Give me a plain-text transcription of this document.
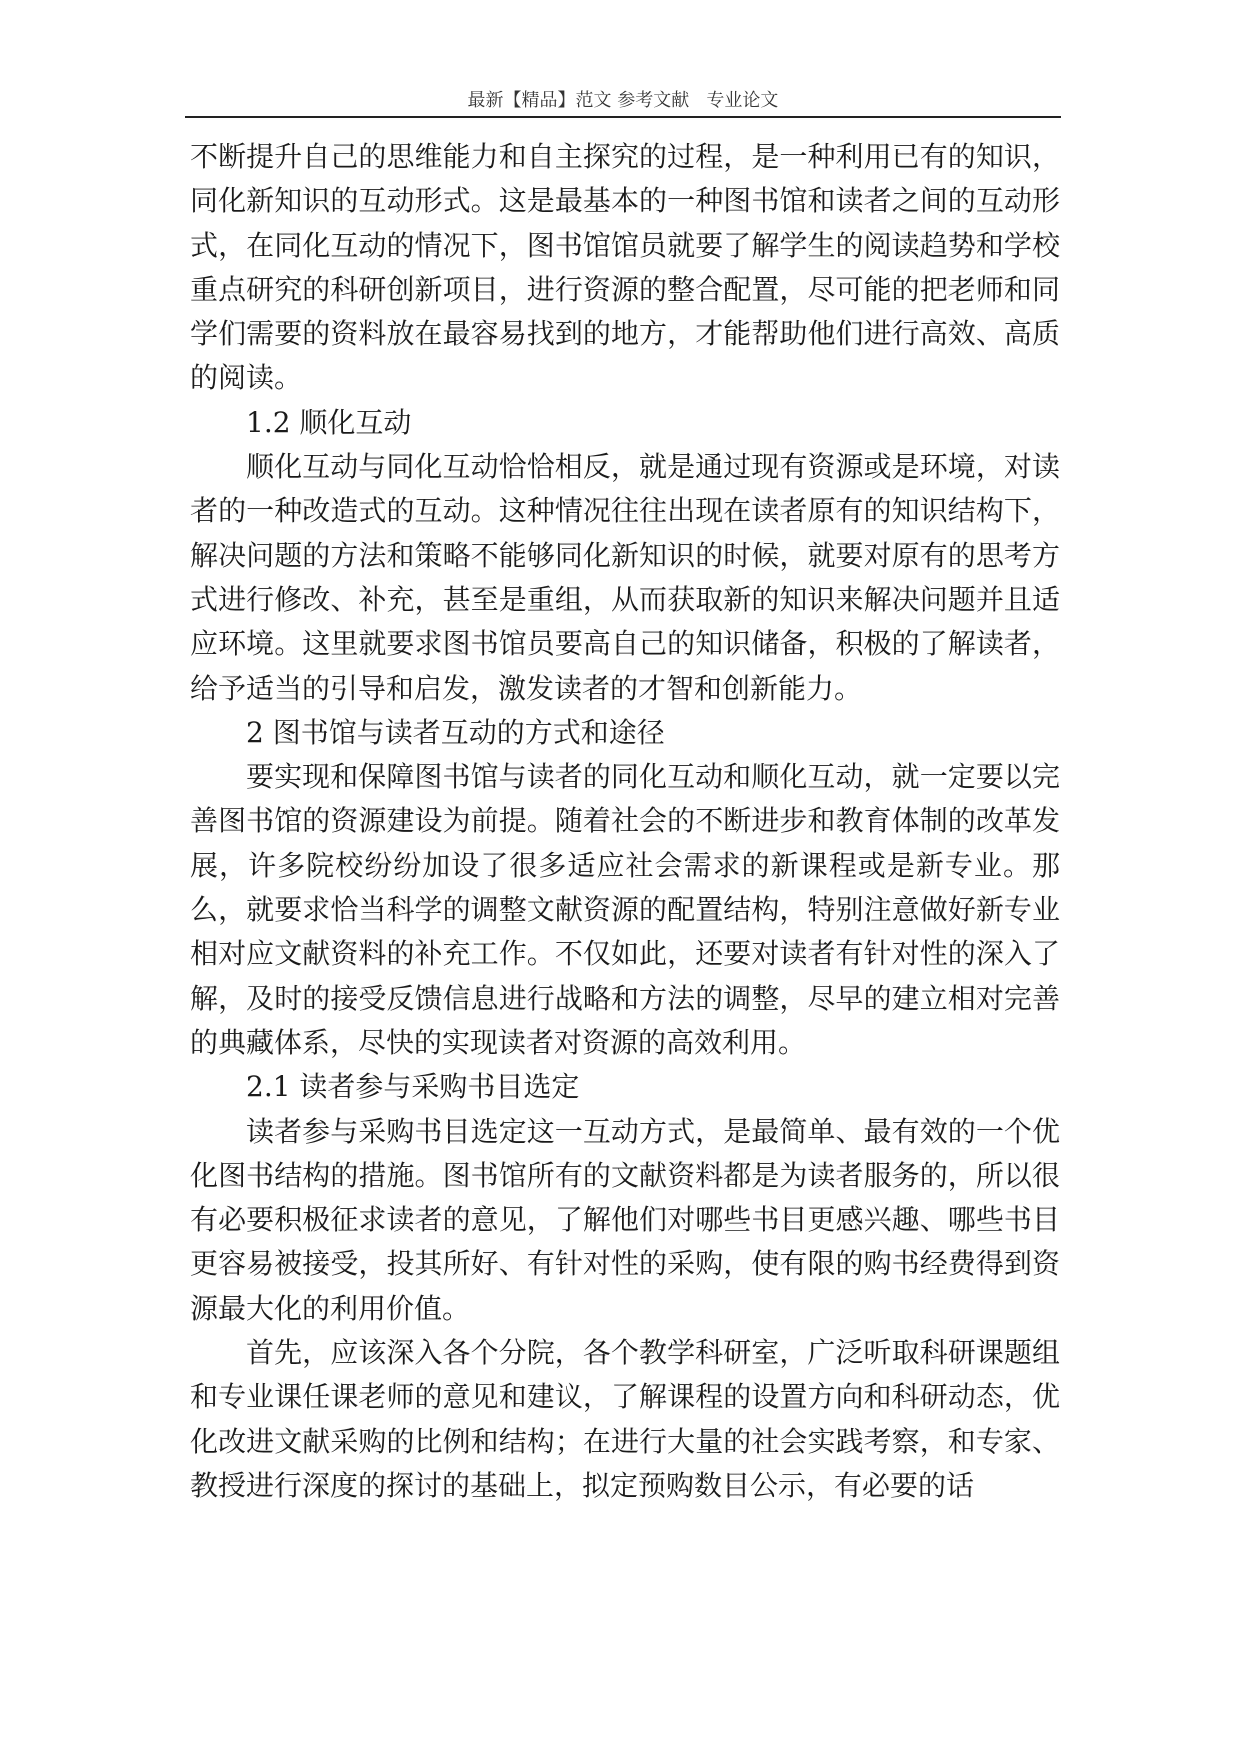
最新【精品】范文 参考文献   专业论文

不断提升自己的思维能力和自主探究的过程，是一种利用已有的知识，同化新知识的互动形式。这是最基本的一种图书馆和读者之间的互动形式，在同化互动的情况下，图书馆馆员就要了解学生的阅读趋势和学校重点研究的科研创新项目，进行资源的整合配置，尽可能的把老师和同学们需要的资料放在最容易找到的地方，才能帮助他们进行高效、高质的阅读。

1.2 顺化互动

顺化互动与同化互动恰恰相反，就是通过现有资源或是环境，对读者的一种改造式的互动。这种情况往往出现在读者原有的知识结构下，解决问题的方法和策略不能够同化新知识的时候，就要对原有的思考方式进行修改、补充，甚至是重组，从而获取新的知识来解决问题并且适应环境。这里就要求图书馆员要高自己的知识储备，积极的了解读者，给予适当的引导和启发，激发读者的才智和创新能力。

2 图书馆与读者互动的方式和途径

要实现和保障图书馆与读者的同化互动和顺化互动，就一定要以完善图书馆的资源建设为前提。随着社会的不断进步和教育体制的改革发展，许多院校纷纷加设了很多适应社会需求的新课程或是新专业。那么，就要求恰当科学的调整文献资源的配置结构，特别注意做好新专业相对应文献资料的补充工作。不仅如此，还要对读者有针对性的深入了解，及时的接受反馈信息进行战略和方法的调整，尽早的建立相对完善的典藏体系，尽快的实现读者对资源的高效利用。

2.1 读者参与采购书目选定

读者参与采购书目选定这一互动方式，是最简单、最有效的一个优化图书结构的措施。图书馆所有的文献资料都是为读者服务的，所以很有必要积极征求读者的意见，了解他们对哪些书目更感兴趣、哪些书目更容易被接受，投其所好、有针对性的采购，使有限的购书经费得到资源最大化的利用价值。

首先，应该深入各个分院，各个教学科研室，广泛听取科研课题组和专业课任课老师的意见和建议，了解课程的设置方向和科研动态，优化改进文献采购的比例和结构；在进行大量的社会实践考察，和专家、教授进行深度的探讨的基础上，拟定预购数目公示，有必要的话
